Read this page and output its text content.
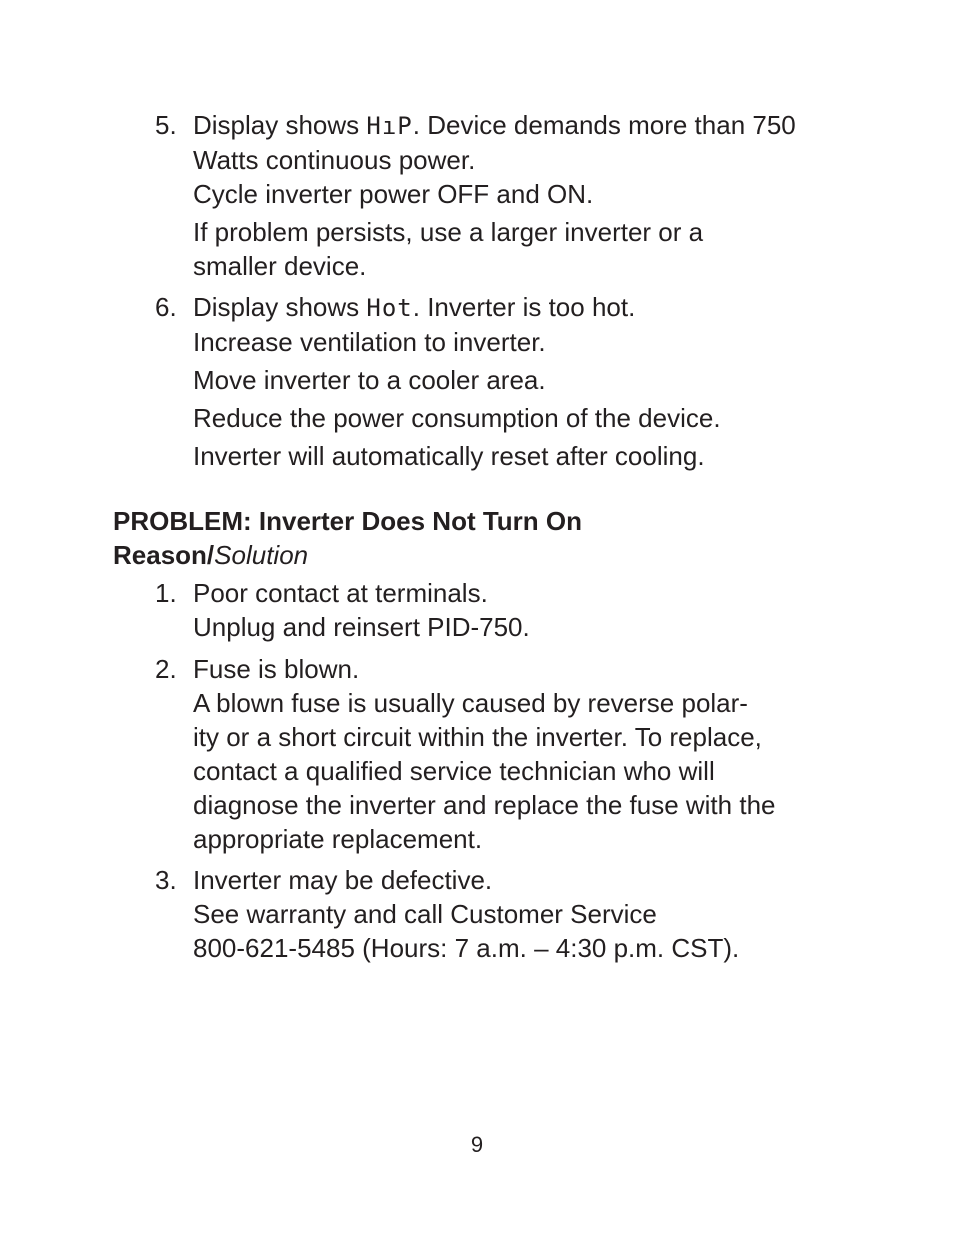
5. Display shows HıP. Device demands more than 750
Watts continuous power.
Cycle inverter power OFF and ON.
If problem persists, use a larger inverter or a
smaller device.
6. Display shows Hot. Inverter is too hot.
Increase ventilation to inverter.
Move inverter to a cooler area.
Reduce the power consumption of the device.
Inverter will automatically reset after cooling.
PROBLEM: Inverter Does Not Turn On
Reason/Solution
1. Poor contact at terminals.
Unplug and reinsert PID-750.
2. Fuse is blown.
A blown fuse is usually caused by reverse polar-
ity or a short circuit within the inverter. To replace,
contact a qualified service technician who will
diagnose the inverter and replace the fuse with the
appropriate replacement.
3. Inverter may be defective.
See warranty and call Customer Service
800-621-5485 (Hours: 7 a.m. – 4:30 p.m. CST).
9
